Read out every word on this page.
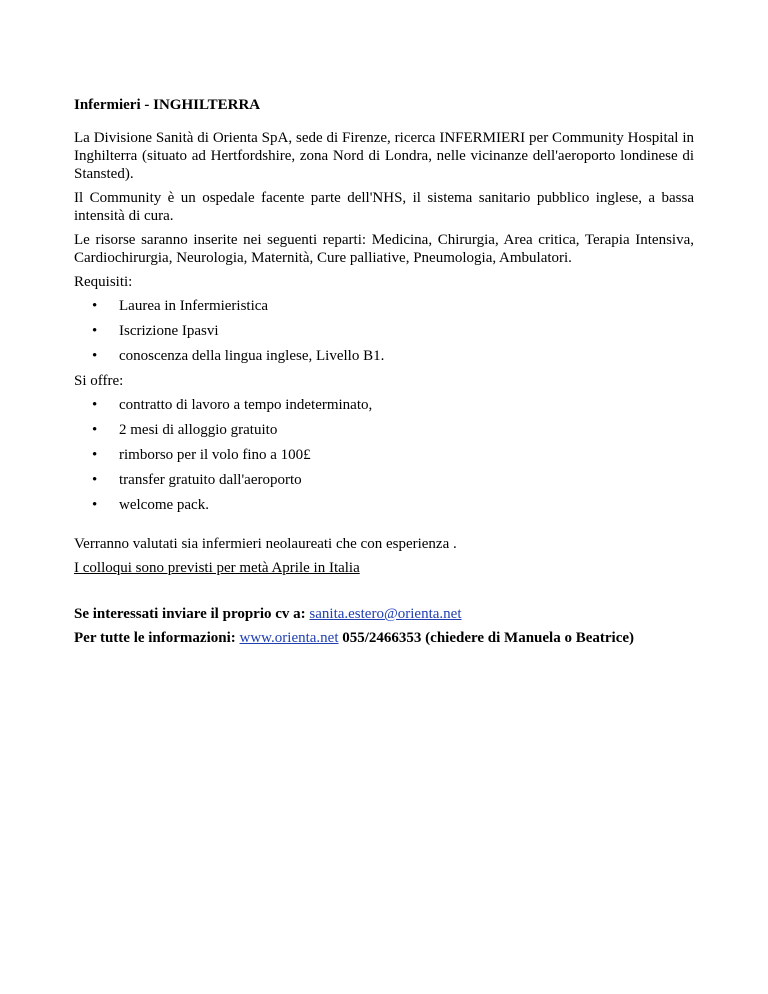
Infermieri - INGHILTERRA

La Divisione Sanità di Orienta SpA, sede di Firenze, ricerca INFERMIERI per Community Hospital in Inghilterra (situato ad Hertfordshire, zona Nord di Londra, nelle vicinanze dell'aeroporto londinese di Stansted).

Il Community è un ospedale facente parte dell'NHS, il sistema sanitario pubblico inglese, a bassa intensità di cura.

Le risorse saranno inserite nei seguenti reparti: Medicina, Chirurgia, Area critica, Terapia Intensiva, Cardiochirurgia, Neurologia, Maternità, Cure palliative, Pneumologia, Ambulatori.

Requisiti:

• Laurea in Infermieristica
• Iscrizione Ipasvi
• conoscenza della lingua inglese, Livello B1.

Si offre:

• contratto di lavoro a tempo indeterminato,
• 2 mesi di alloggio gratuito
• rimborso per il volo fino a 100£
• transfer gratuito dall'aeroporto
• welcome pack.

Verranno valutati sia infermieri neolaureati che con esperienza .

I colloqui sono previsti per metà Aprile in Italia

Se interessati inviare il proprio cv a: sanita.estero@orienta.net

Per tutte le informazioni: www.orienta.net 055/2466353 (chiedere di Manuela o Beatrice)
